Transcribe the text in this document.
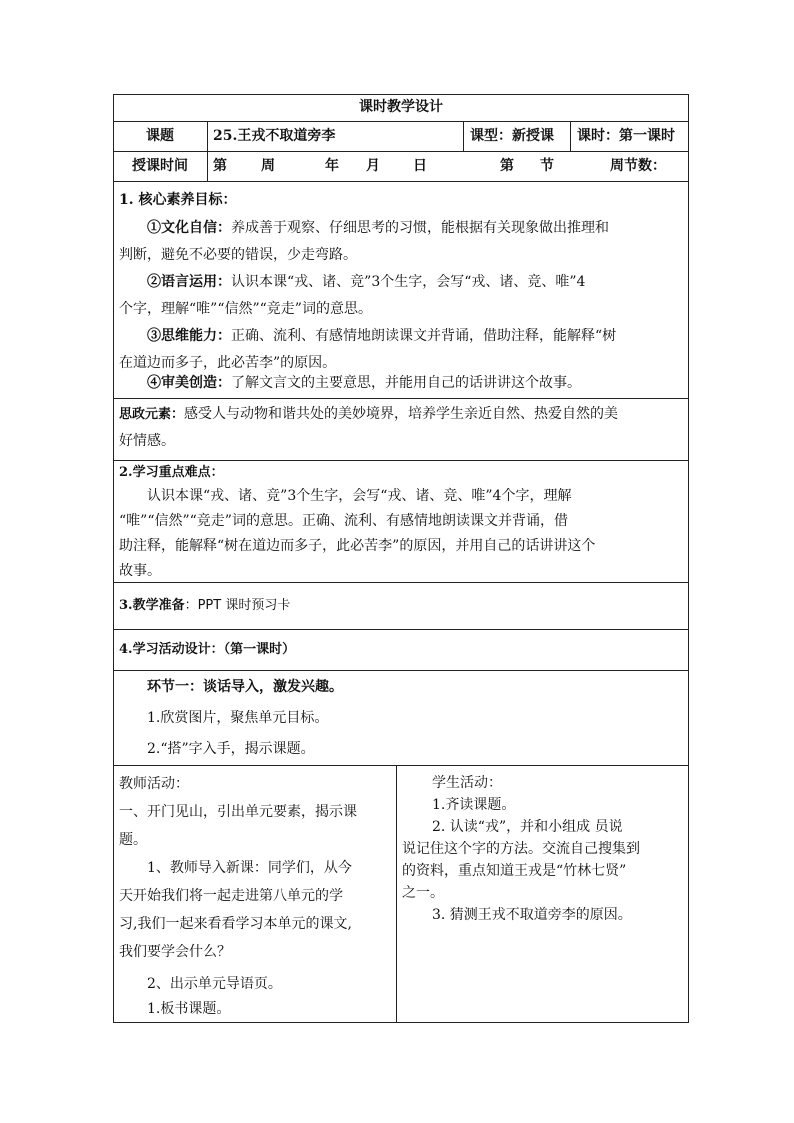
课时教学设计
课题	25.王戎不取道旁李	课型：新授课 课时：第一课时
授课时间	第 周	年 月 日	第 节	周节数：
1. 核心素养目标：
①文化自信：养成善于观察、仔细思考的习惯，能根据有关现象做出推理和
判断，避免不必要的错误，少走弯路。
②语言运用：认识本课“戎、诸、竞”3个生字，会写“戎、诸、竞、唯”4
个字，理解“唯”“信然”“竞走”词的意思。
③思维能力：正确、流利、有感情地朗读课文并背诵，借助注释，能解释“树
在道边而多子，此必苦李”的原因。
④审美创造：了解文言文的主要意思，并能用自己的话讲讲这个故事。
思政元素：感受人与动物和谐共处的美妙境界，培养学生亲近自然、热爱自然的美
好情感。
2.学习重点难点：
认识本课“戎、诸、竞”3个生字，会写“戎、诸、竞、唯”4个字，理解
“唯”“信然”“竞走”词的意思。正确、流利、有感情地朗读课文并背诵，借
助注释，能解释“树在道边而多子，此必苦李”的原因，并用自己的话讲讲这个
故事。
3.教学准备：PPT 课时预习卡
4.学习活动设计：（第一课时）
环节一：谈话导入，激发兴趣。
1.欣赏图片，聚焦单元目标。
2.“搭”字入手，揭示课题。
教师活动：
一、开门见山，引出单元要素，揭示课
题。
1、教师导入新课：同学们，从今
天开始我们将一起走进第八单元的学
习,我们一起来看看学习本单元的课文,
我们要学会什么？
2、出示单元导语页。
1.板书课题。
学生活动：
1.齐读课题。
2. 认读“戎”，并和小组成 员说
说记住这个字的方法。交流自己搜集到
的资料，重点知道王戎是“竹林七贤”
之一。
3. 猜测王戎不取道旁李的原因。
